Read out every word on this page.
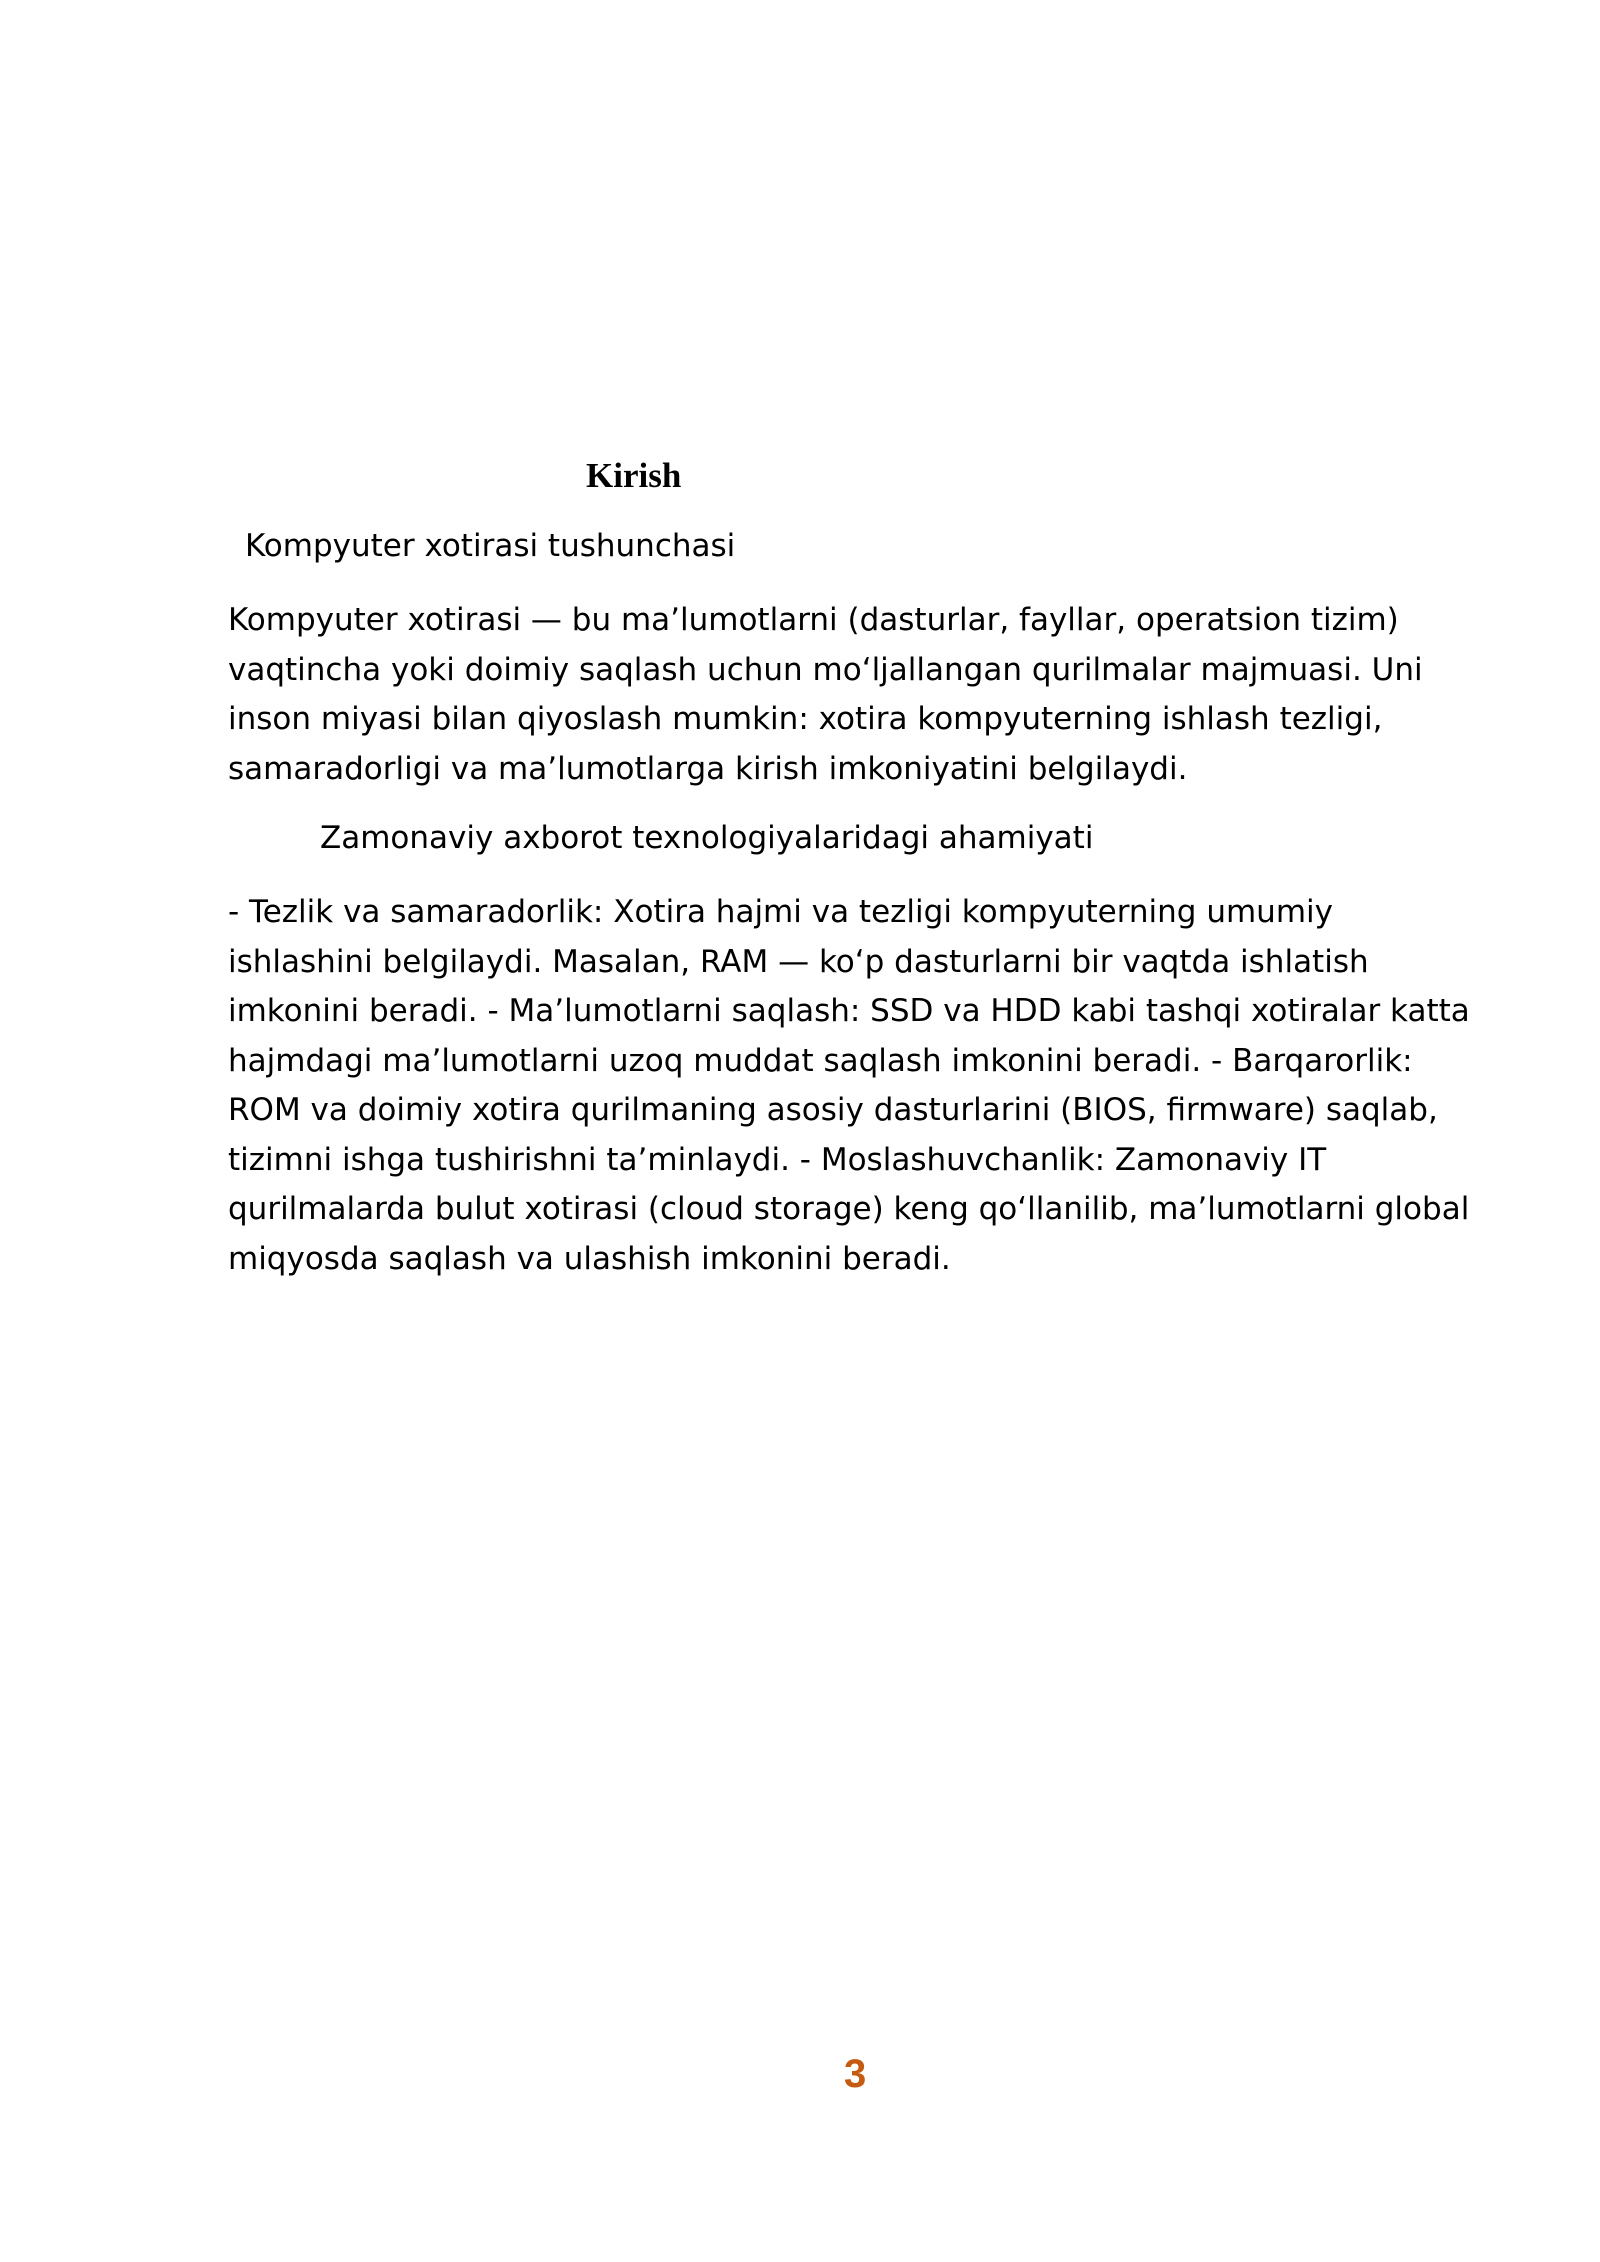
Kirish

Kompyuter xotirasi tushunchasi

Kompyuter xotirasi — bu ma’lumotlarni (dasturlar, fayllar, operatsion tizim)
vaqtincha yoki doimiy saqlash uchun mo‘ljallangan qurilmalar majmuasi. Uni
inson miyasi bilan qiyoslash mumkin: xotira kompyuterning ishlash tezligi,
samaradorligi va ma’lumotlarga kirish imkoniyatini belgilaydi.

Zamonaviy axborot texnologiyalaridagi ahamiyati

- Tezlik va samaradorlik: Xotira hajmi va tezligi kompyuterning umumiy
ishlashini belgilaydi. Masalan, RAM — ko‘p dasturlarni bir vaqtda ishlatish
imkonini beradi. - Ma’lumotlarni saqlash: SSD va HDD kabi tashqi xotiralar katta
hajmdagi ma’lumotlarni uzoq muddat saqlash imkonini beradi. - Barqarorlik:
ROM va doimiy xotira qurilmaning asosiy dasturlarini (BIOS, firmware) saqlab,
tizimni ishga tushirishni ta’minlaydi. - Moslashuvchanlik: Zamonaviy IT
qurilmalarda bulut xotirasi (cloud storage) keng qo‘llanilib, ma’lumotlarni global
miqyosda saqlash va ulashish imkonini beradi.

3
